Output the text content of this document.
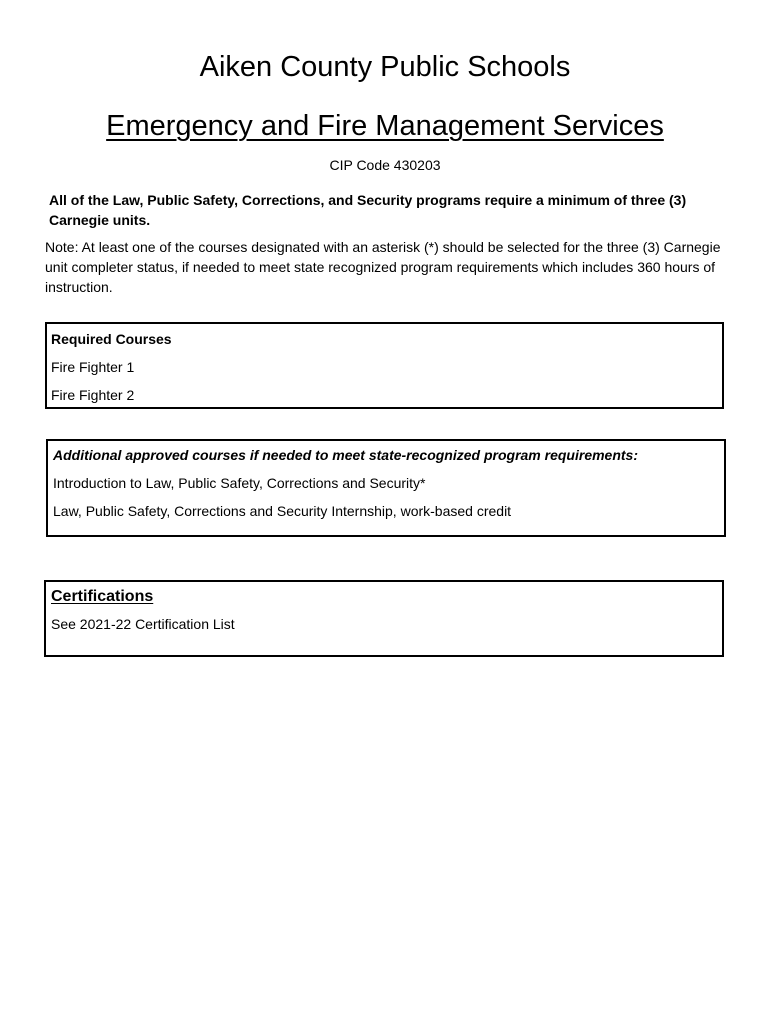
Aiken County Public Schools
Emergency and Fire Management Services
CIP Code 430203
All of the Law, Public Safety, Corrections, and Security programs require a minimum of three (3) Carnegie units.
Note: At least one of the courses designated with an asterisk (*) should be selected for the three (3) Carnegie unit completer status, if needed to meet state recognized program requirements which includes 360 hours of instruction.
Required Courses
Fire Fighter 1
Fire Fighter 2
Additional approved courses if needed to meet state-recognized program requirements:
Introduction to Law, Public Safety, Corrections and Security*
Law, Public Safety, Corrections and Security Internship, work-based credit
Certifications
See 2021-22 Certification List
